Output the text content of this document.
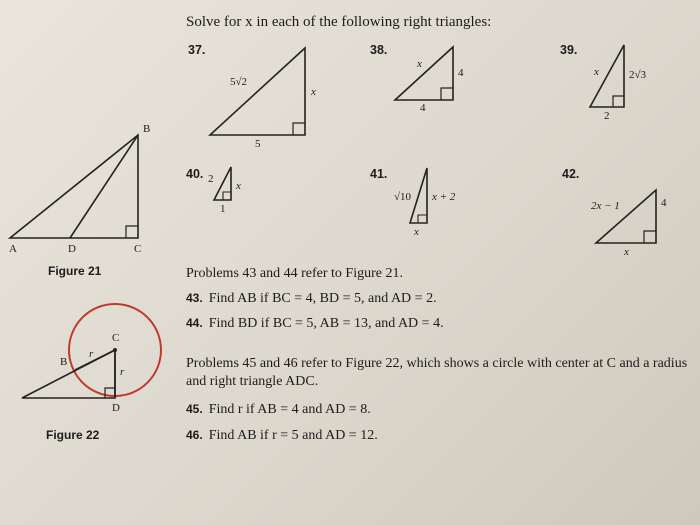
Solve for x in each of the following right triangles:
37.	38.	39.
40.	41.	42.
5√2
5
x
x
4
4
x	2√3
2
2
x
1
√10 x + 2
x
2x − 1	4
x
B
A	D	C
Figure 21
C
B
r
r
D
Figure 22
Problems 43 and 44 refer to Figure 21.
43. Find AB if BC = 4, BD = 5, and AD = 2.
44. Find BD if BC = 5, AB = 13, and AD = 4.
Problems 45 and 46 refer to Figure 22, which shows a circle with center at C and a radius
and right triangle ADC.
45. Find r if AB = 4 and AD = 8.
46. Find AB if r = 5 and AD = 12.
